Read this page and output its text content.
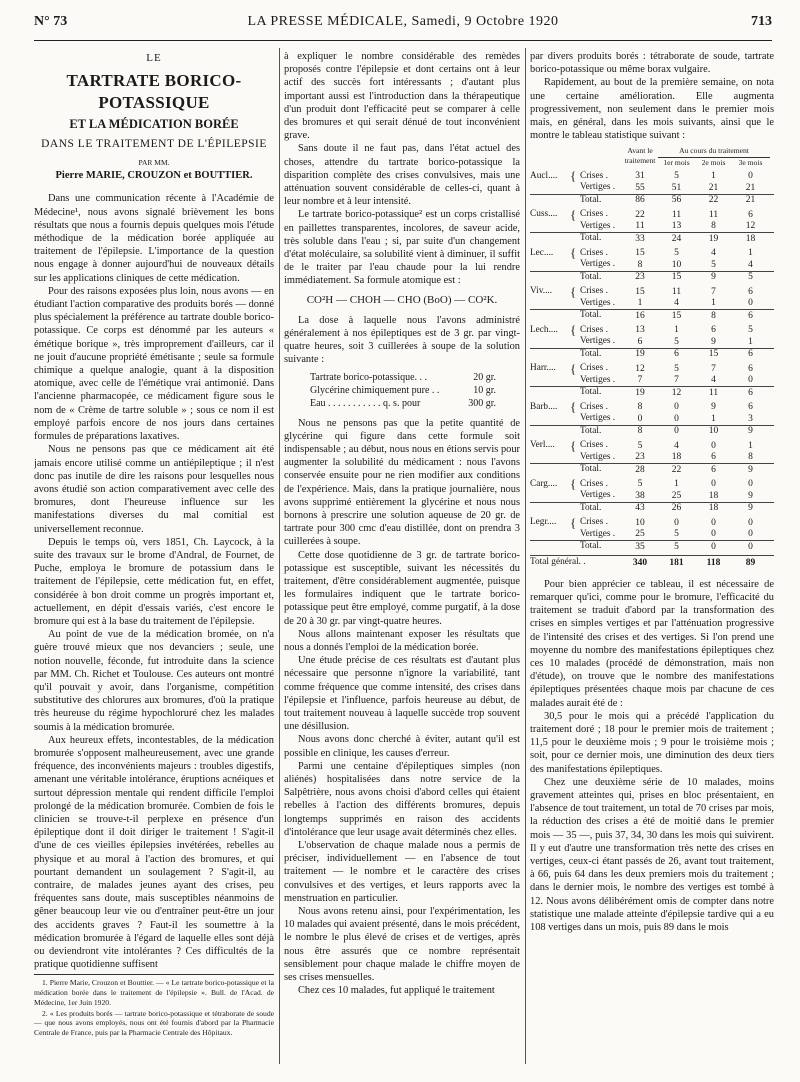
N° 73	LA PRESSE MÉDICALE, Samedi, 9 Octobre 1920	713
LE
TARTRATE BORICO-POTASSIQUE
ET LA MÉDICATION BORÉE
DANS LE TRAITEMENT DE L'ÉPILEPSIE
PAR MM.
Pierre MARIE, CROUZON et BOUTTIER.

Dans une communication récente à l'Académie de Médecine¹, nous avons signalé brièvement les bons résultats que nous a fournis depuis quelques mois l'étude méthodique de la médication borée appliquée au traitement de l'épilepsie. L'importance de la question nous engage à donner aujourd'hui de nouveaux détails sur les applications cliniques de cette médication.

Pour des raisons exposées plus loin, nous avons — en étudiant l'action comparative des produits borés — donné plus spécialement la préférence au tartrate double borico-potassique. Ce corps est dénommé par les auteurs « émétique borique », très improprement d'ailleurs, car il ne jouit d'aucune propriété émétisante ; seule sa formule chimique a quelque analogie, quant à la disposition atomique, avec celle de l'émétique vrai antimonié. Dans l'ancienne pharmacopée, ce médicament figure sous le nom de « Crème de tartre soluble » ; sous ce nom il est employé parfois encore de nos jours dans certaines formules de préparations laxatives.

Nous ne pensons pas que ce médicament ait été jamais encore utilisé comme un antiépileptique ; il n'est donc pas inutile de dire les raisons pour lesquelles nous avons étudié son action comparativement avec celle des bromures, dont l'heureuse influence sur les manifestations diverses du mal comitial est universellement reconnue.

Depuis le temps où, vers 1851, Ch. Laycock, à la suite des travaux sur le brome d'Andral, de Fournet, de Puche, employa le bromure de potassium dans le traitement de l'épilepsie, cette médication fut, en effet, considérée à bon droit comme un progrès important et, actuellement, en dépit d'essais variés, c'est encore le bromure qui est à la base du traitement de l'épilepsie.

Au point de vue de la médication bromée, on n'a guère trouvé mieux que nos devanciers ; seule, une notion nouvelle, féconde, fut introduite dans la science par MM. Ch. Richet et Toulouse. Ces auteurs ont montré qu'il pouvait y avoir, dans l'organisme, compétition substitutive des chlorures aux bromures, d'où la pratique très heureuse du régime hypochloruré chez les malades soumis à la médication bromurée.

Aux heureux effets, incontestables, de la médication bromurée s'opposent malheureusement, avec une grande fréquence, des inconvénients majeurs : troubles digestifs, amenant une véritable intolérance, éruptions acnéiques et surtout dépression mentale qui rendent difficile l'emploi prolongé de la médication bromurée. Combien de fois le clinicien se trouve-t-il perplexe en présence d'un épileptique dont il doit diriger le traitement ! S'agit-il d'une de ces vieilles épilepsies invétérées, rebelles au physique et au moral à l'action des bromures, et qui pourtant demandent un soulagement ? S'agit-il, au contraire, de malades jeunes ayant des crises, peu fréquentes sans doute, mais susceptibles néanmoins de gêner beaucoup leur vie ou d'entraîner peut-être un jour des accidents graves ? Faut-il les soumettre à la médication bromurée à l'égard de laquelle elles sont déjà ou deviendront vite intolérantes ? Ces difficultés de la pratique quotidienne suffisent

1. Pierre Marie, Crouzon et Bouttier. — « Le tartrate borico-potassique et la médication borée dans le traitement de l'épilepsie ». Bull. de l'Acad. de Médecine, 1er Juin 1920.

2. « Les produits borés — tartrate borico-potassique et tétraborate de soude — que nous avons employés, nous ont été fournis d'abord par la Pharmacie Centrale de France, puis par la Pharmacie Centrale des Hôpitaux.

à expliquer le nombre considérable des remèdes proposés contre l'épilepsie et dont certains ont à leur actif des succès fort intéressants ; d'autant plus important aussi est l'introduction dans la thérapeutique d'un produit dont l'efficacité peut se comparer à celle des bromures et qui serait dénué de tout inconvénient grave.

Sans doute il ne faut pas, dans l'état actuel des choses, attendre du tartrate borico-potassique la disparition complète des crises convulsives, mais une atténuation souvent considérable de celles-ci, quant à leur nombre et à leur intensité.

Le tartrate borico-potassique² est un corps cristallisé en paillettes transparentes, incolores, de saveur acide, très soluble dans l'eau ; si, par suite d'un changement d'état moléculaire, sa solubilité vient à diminuer, il suffit de le traiter par l'eau chaude pour la lui rendre immédiatement. Sa formule atomique est :

CO²H — CHOH — CHO (BoO) — CO²K.

La dose à laquelle nous l'avons administré généralement à nos épileptiques est de 3 gr. par vingt-quatre heures, soit 3 cuillerées à soupe de la solution suivante :

Tartrate borico-potassique. . .	20 gr.
Glycérine chimiquement pure . .	10 gr.
Eau . . . . . . . . . . . q. s. pour	300 gr.

Nous ne pensons pas que la petite quantité de glycérine qui figure dans cette formule soit indispensable ; au début, nous nous en étions servis pour augmenter la solubilité du médicament : nous l'avons conservée ensuite pour ne rien modifier aux conditions de l'expérience. Mais, dans la pratique journalière, nous avons supprimé entièrement la glycérine et nous nous bornons à prescrire une solution aqueuse de 20 gr. de tartrate pour 300 cmc d'eau distillée, dont on prendra 3 cuillerées à soupe.

Cette dose quotidienne de 3 gr. de tartrate borico-potassique est susceptible, suivant les nécessités du traitement, d'être considérablement augmentée, puisque les formulaires indiquent que le tartrate borico-potassique peut être employé, comme purgatif, à la dose de 20 à 30 gr. par vingt-quatre heures.

Nous allons maintenant exposer les résultats que nous a donnés l'emploi de la médication borée.

Une étude précise de ces résultats est d'autant plus nécessaire que personne n'ignore la variabilité, tant comme fréquence que comme intensité, des crises dans l'épilepsie et l'influence, parfois heureuse au début, de tout traitement nouveau à laquelle succède trop souvent une désillusion.

Nous avons donc cherché à éviter, autant qu'il est possible en clinique, les causes d'erreur.

Parmi une centaine d'épileptiques simples (non aliénés) hospitalisées dans notre service de la Salpêtrière, nous avons choisi d'abord celles qui étaient rebelles à l'action des différents bromures, depuis longtemps supprimés en raison des accidents d'intolérance que leur usage avait déterminés chez elles.

L'observation de chaque malade nous a permis de préciser, individuellement — en l'absence de tout traitement — le nombre et le caractère des crises convulsives et des vertiges, et leurs rapports avec la menstruation en particulier.

Nous avons retenu ainsi, pour l'expérimentation, les 10 malades qui avaient présenté, dans le mois précédent, le nombre le plus élevé de crises et de vertiges, après nous être assurés que ce nombre représentait sensiblement pour chaque malade le chiffre moyen de ses crises mensuelles.

Chez ces 10 malades, fut appliqué le traitement

par divers produits borés : tétraborate de soude, tartrate borico-potassique ou même borax vulgaire.

Rapidement, au bout de la première semaine, on nota une certaine amélioration. Elle augmenta progressivement, non seulement dans le premier mois mais, en général, dans les mois suivants, ainsi que le montre le tableau statistique suivant :

Avant le traitement
Au cours du traitement
1er mois	2e mois	3e mois
Aucl.... { Crises .	31	5	1	0
Vertiges .	55	51	21	21
Total.	86	56	22	21
Cuss.... { Crises .	22	11	11	6
Vertiges .	11	13	8	12
Total.	33	24	19	18
Lec....	{ Crises .	15	5	4	1
Vertiges .	8	10	5	4
Total.	23	15	9	5
Viv....	{ Crises .	15	11	7	6
Vertiges .	1	4	1	0
Total.	16	15	8	6
Lech.... { Crises .	13	1	6	5
Vertiges .	6	5	9	1
Total.	19	6	15	6
Harr....	{ Crises .	12	5	7	6
Vertiges .	7	7	4	0
Total.	19	12	11	6
Barb.... { Crises .	8	0	9	6
Vertiges .	0	0	1	3
Total.	8	0	10	9
Verl....	{ Crises .	5	4	0	1
Vertiges .	23	18	6	8
Total.	28	22	6	9
Carg.... { Crises .	5	1	0	0
Vertiges .	38	25	18	9
Total.	43	26	18	9
Legr....	{ Crises .	10	0	0	0
Vertiges .	25	5	0	0
Total.	35	5	0	0
Total général. .	340	181	118	89

Pour bien apprécier ce tableau, il est nécessaire de remarquer qu'ici, comme pour le bromure, l'efficacité du traitement se traduit d'abord par la transformation des crises en simples vertiges et par l'atténuation progressive de l'intensité des crises et des vertiges. Si l'on prend une moyenne du nombre des manifestations épileptiques chez ces 10 malades (procédé de démonstration, mais non d'étude), on trouve que le nombre des manifestations épileptiques présentées chaque mois par chacune de ces malades aurait été de :

30,5 pour le mois qui a précédé l'application du traitement doré ; 18 pour le premier mois de traitement ; 11,5 pour le deuxième mois ; 9 pour le troisième mois ; soit, pour ce dernier mois, une diminution des deux tiers des manifestations épileptiques.

Chez une deuxième série de 10 malades, moins gravement atteintes qui, prises en bloc présentaient, en l'absence de tout traitement, un total de 70 crises par mois, la réduction des crises a été de moitié dans le premier mois — 35 —, puis 37, 34, 30 dans les mois qui suivirent. Il y eut d'autre une transformation très nette des crises en vertiges, ceux-ci étant passés de 26, avant tout traitement, à 66, puis 64 dans les deux premiers mois du traitement ; dans le dernier mois, le nombre des vertiges est tombé à 12. Nous avons délibérément omis de compter dans notre statistique une malade atteinte d'épilepsie tardive qui a eu 108 vertiges dans un mois, puis 89 dans le mois
